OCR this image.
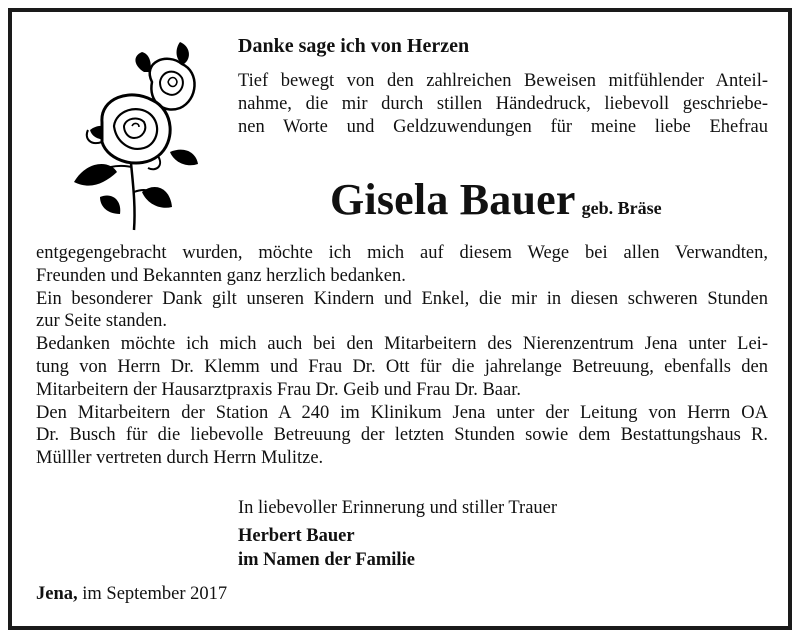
Danke sage ich von Herzen
Tief bewegt von den zahlreichen Beweisen mitfühlender Anteil-
nahme, die mir durch stillen Händedruck, liebevoll geschriebe-
nen Worte und Geldzuwendungen für meine liebe Ehefrau
Gisela Bauer geb. Bräse

entgegengebracht wurden, möchte ich mich auf diesem Wege bei allen Verwandten,

Freunden und Bekannten ganz herzlich bedanken.

Ein besonderer Dank gilt unseren Kindern und Enkel, die mir in diesen schweren Stunden

zur Seite standen.

Bedanken möchte ich mich auch bei den Mitarbeitern des Nierenzentrum Jena unter Lei-

tung von Herrn Dr. Klemm und Frau Dr. Ott für die jahrelange Betreuung, ebenfalls den

Mitarbeitern der Hausarztpraxis Frau Dr. Geib und Frau Dr. Baar.

Den Mitarbeitern der Station A 240 im Klinikum Jena unter der Leitung von Herrn OA

Dr. Busch für die liebevolle Betreuung der letzten Stunden sowie dem Bestattungshaus R.

Mülller vertreten durch Herrn Mulitze.

In liebevoller Erinnerung und stiller Trauer
Herbert Bauer
im Namen der Familie
Jena, im September 2017
